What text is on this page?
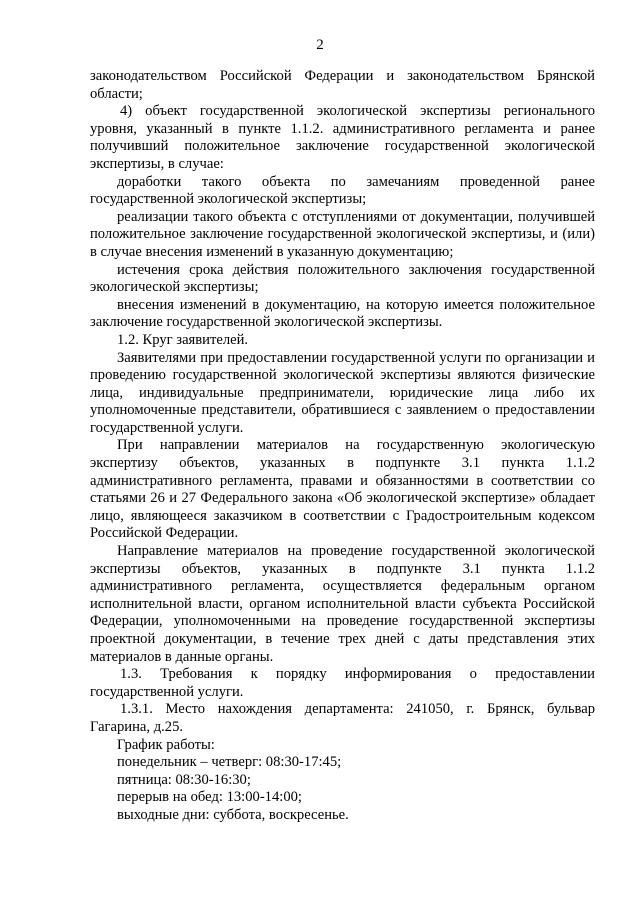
2

законодательством Российской Федерации и законодательством Брянской области;

4) объект государственной экологической экспертизы регионального уровня, указанный в пункте 1.1.2. административного регламента и ранее получивший положительное заключение государственной экологической экспертизы, в случае:

доработки такого объекта по замечаниям проведенной ранее государственной экологической экспертизы;

реализации такого объекта с отступлениями от документации, получившей положительное заключение государственной экологической экспертизы, и (или) в случае внесения изменений в указанную документацию;

истечения срока действия положительного заключения государственной экологической экспертизы;

внесения изменений в документацию, на которую имеется положительное заключение государственной экологической экспертизы.

1.2. Круг заявителей.

Заявителями при предоставлении государственной услуги по организации и проведению государственной экологической экспертизы являются физические лица, индивидуальные предприниматели, юридические лица либо их уполномоченные представители, обратившиеся с заявлением о предоставлении государственной услуги.

При направлении материалов на государственную экологическую экспертизу объектов, указанных в подпункте 3.1 пункта 1.1.2 административного регламента, правами и обязанностями в соответствии со статьями 26 и 27 Федерального закона «Об экологической экспертизе» обладает лицо, являющееся заказчиком в соответствии с Градостроительным кодексом Российской Федерации.

Направление материалов на проведение государственной экологической экспертизы объектов, указанных в подпункте 3.1 пункта 1.1.2 административного регламента, осуществляется федеральным органом исполнительной власти, органом исполнительной власти субъекта Российской Федерации, уполномоченными на проведение государственной экспертизы проектной документации, в течение трех дней с даты представления этих материалов в данные органы.

1.3. Требования к порядку информирования о предоставлении государственной услуги.

1.3.1. Место нахождения департамента: 241050, г. Брянск, бульвар Гагарина, д.25.

График работы:

понедельник – четверг: 08:30-17:45;

пятница: 08:30-16:30;

перерыв на обед: 13:00-14:00;

выходные дни: суббота, воскресенье.
